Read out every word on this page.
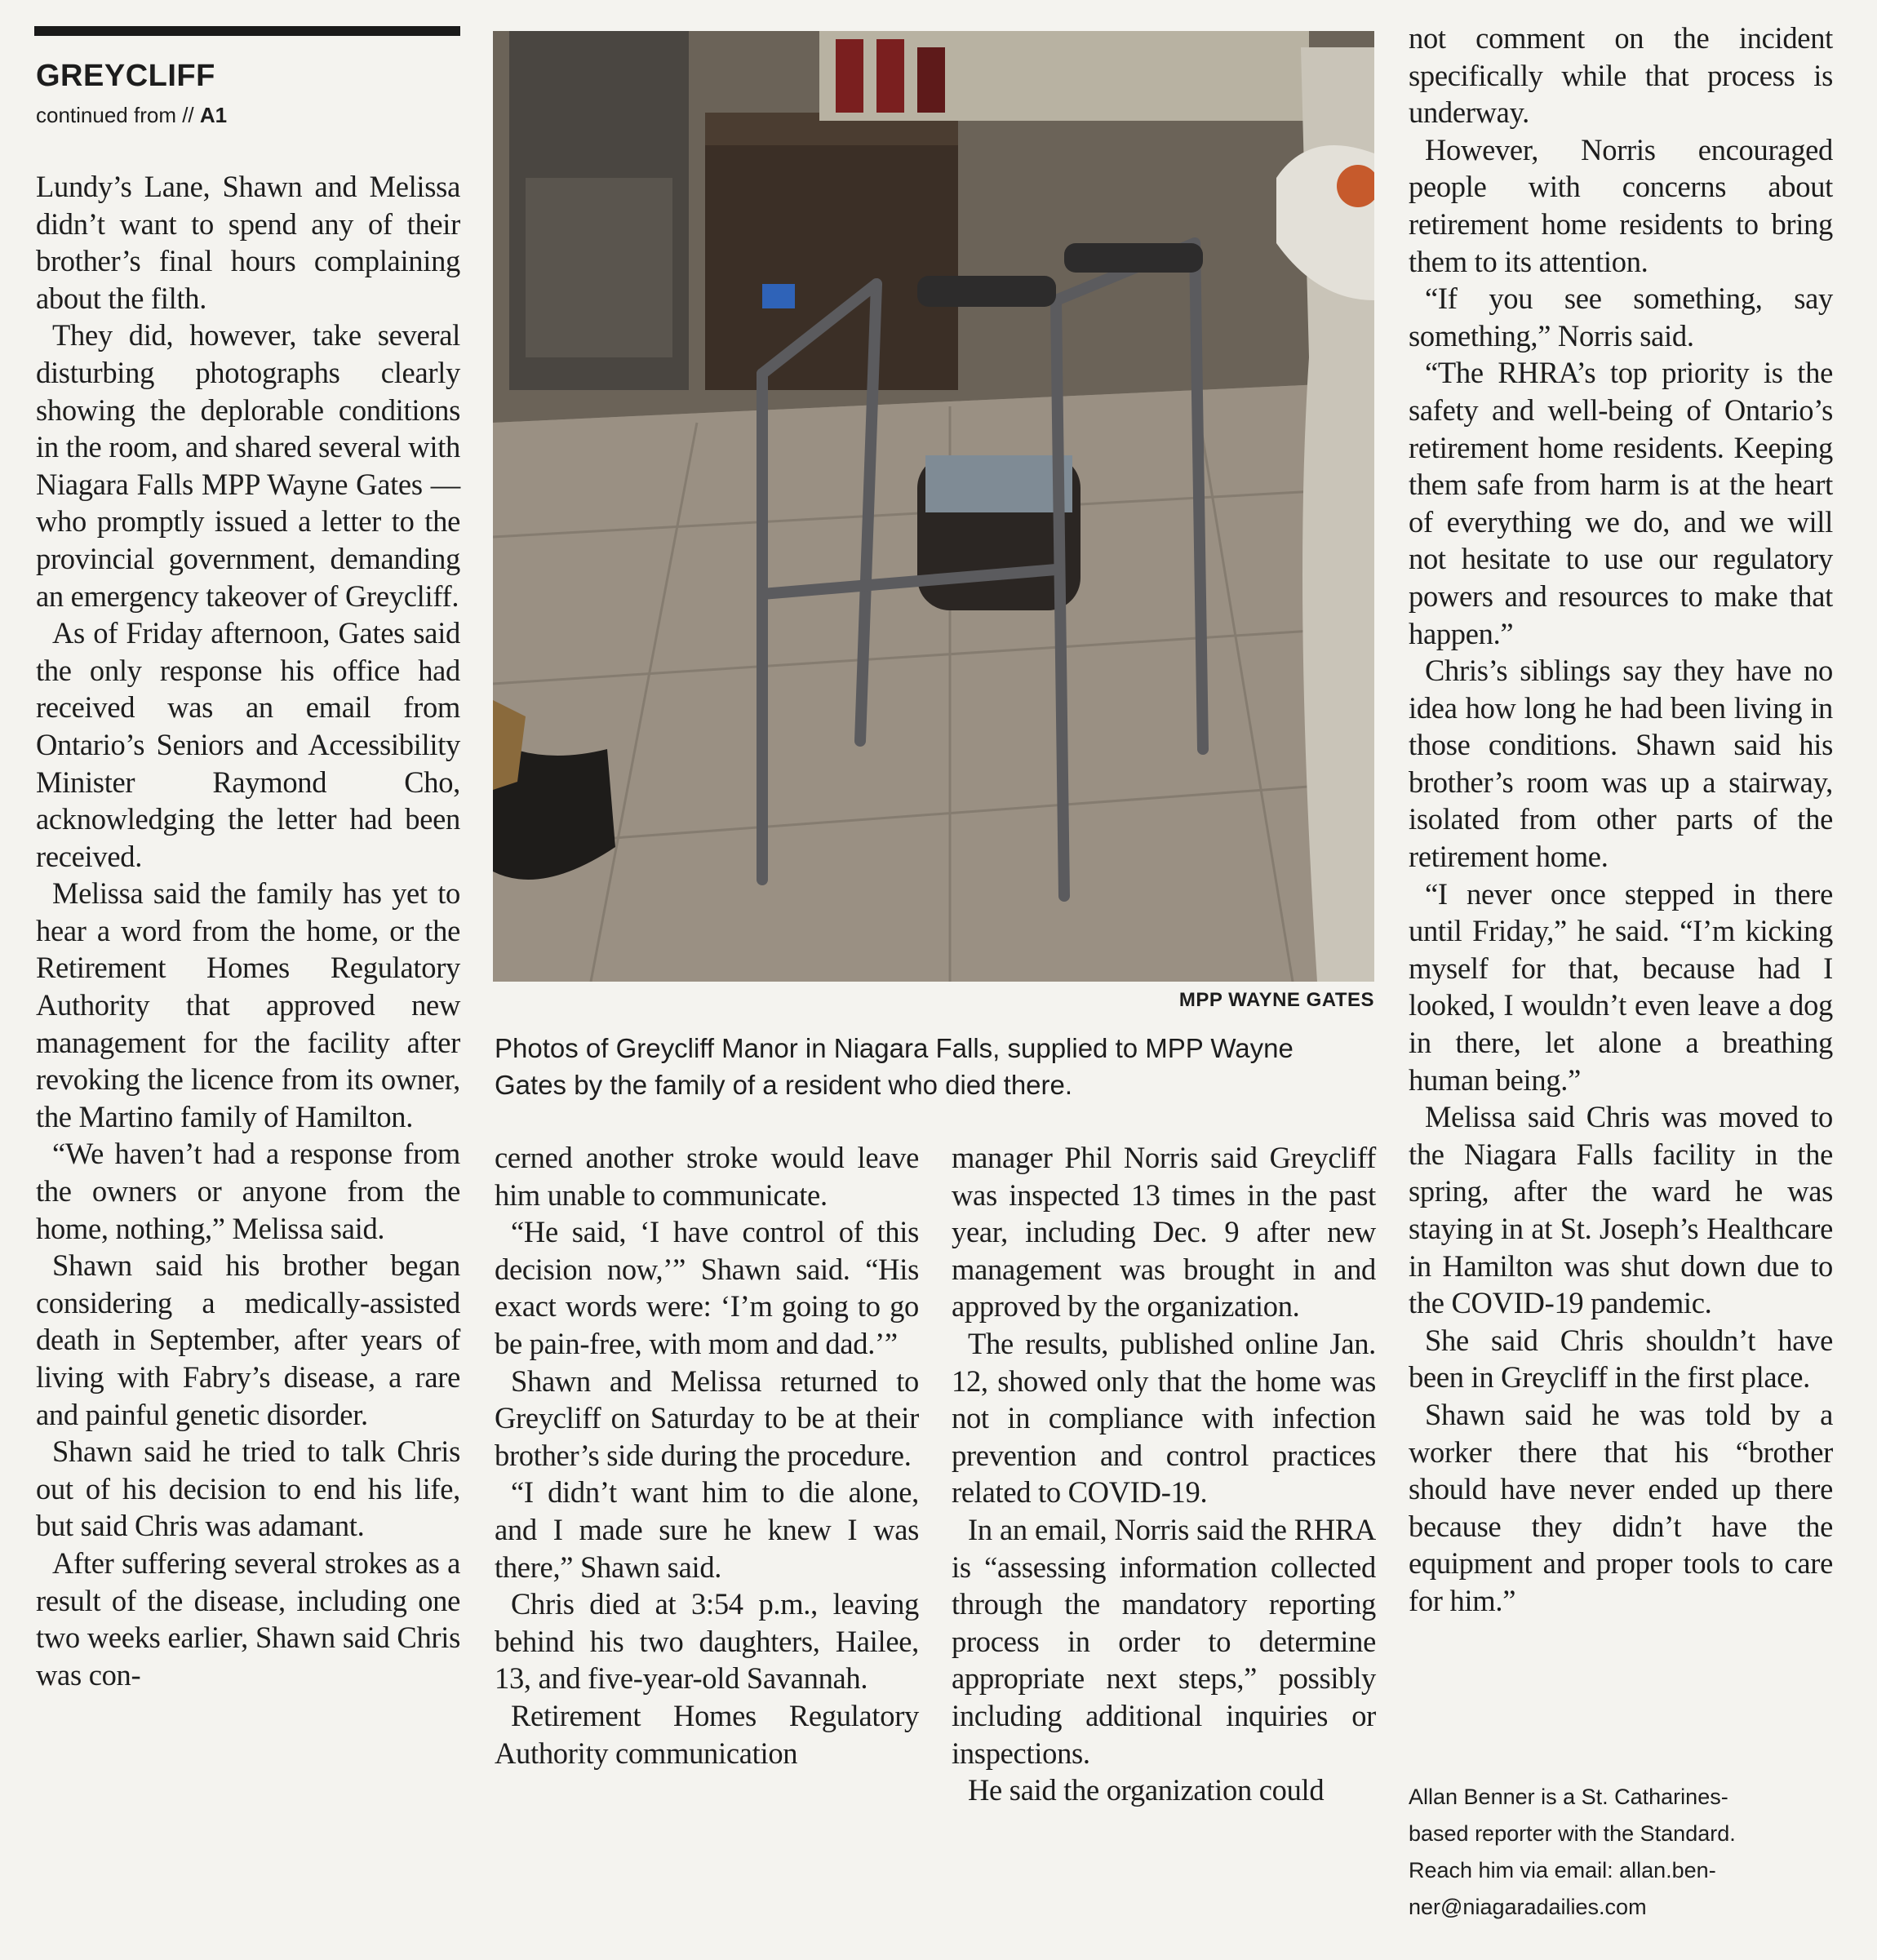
GREYCLIFF
continued from // A1

Lundy’s Lane, Shawn and Melissa didn’t want to spend any of their brother’s final hours complaining about the filth.

They did, however, take several disturbing photographs clearly showing the deplorable conditions in the room, and shared several with Niagara Falls MPP Wayne Gates — who promptly issued a letter to the provincial government, demanding an emergency takeover of Greycliff.

As of Friday afternoon, Gates said the only response his office had received was an email from Ontario’s Seniors and Accessibility Minister Raymond Cho, acknowledging the letter had been received.

Melissa said the family has yet to hear a word from the home, or the Retirement Homes Regulatory Authority that approved new management for the facility after revoking the licence from its owner, the Martino family of Hamilton.

“We haven’t had a response from the owners or anyone from the home, nothing,” Melissa said.

Shawn said his brother began considering a medically-assisted death in September, after years of living with Fabry’s disease, a rare and painful genetic disorder.

Shawn said he tried to talk Chris out of his decision to end his life, but said Chris was adamant.

After suffering several strokes as a result of the disease, including one two weeks earlier, Shawn said Chris was con-

MPP WAYNE GATES
Photos of Greycliff Manor in Niagara Falls, supplied to MPP Wayne Gates by the family of a resident who died there.

cerned another stroke would leave him unable to communicate.

“He said, ‘I have control of this decision now,’” Shawn said. “His exact words were: ‘I’m going to go be pain-free, with mom and dad.’”

Shawn and Melissa returned to Greycliff on Saturday to be at their brother’s side during the procedure.

“I didn’t want him to die alone, and I made sure he knew I was there,” Shawn said.

Chris died at 3:54 p.m., leaving behind his two daughters, Hailee, 13, and five-year-old Savannah.

Retirement Homes Regulatory Authority communication

manager Phil Norris said Greycliff was inspected 13 times in the past year, including Dec. 9 after new management was brought in and approved by the organization.

The results, published online Jan. 12, showed only that the home was not in compliance with infection prevention and control practices related to COVID-19.

In an email, Norris said the RHRA is “assessing information collected through the mandatory reporting process in order to determine appropriate next steps,” possibly including additional inquiries or inspections.

He said the organization could

not comment on the incident specifically while that process is underway.

However, Norris encouraged people with concerns about retirement home residents to bring them to its attention.

“If you see something, say something,” Norris said.

“The RHRA’s top priority is the safety and well-being of Ontario’s retirement home residents. Keeping them safe from harm is at the heart of everything we do, and we will not hesitate to use our regulatory powers and resources to make that happen.”

Chris’s siblings say they have no idea how long he had been living in those conditions. Shawn said his brother’s room was up a stairway, isolated from other parts of the retirement home.

“I never once stepped in there until Friday,” he said. “I’m kicking myself for that, because had I looked, I wouldn’t even leave a dog in there, let alone a breathing human being.”

Melissa said Chris was moved to the Niagara Falls facility in the spring, after the ward he was staying in at St. Joseph’s Healthcare in Hamilton was shut down due to the COVID-19 pandemic.

She said Chris shouldn’t have been in Greycliff in the first place.

Shawn said he was told by a worker there that his “brother should have never ended up there because they didn’t have the equipment and proper tools to care for him.”

Allan Benner is a St. Catharines-
based reporter with the Standard.
Reach him via email: allan.ben-
ner@niagaradailies.com
